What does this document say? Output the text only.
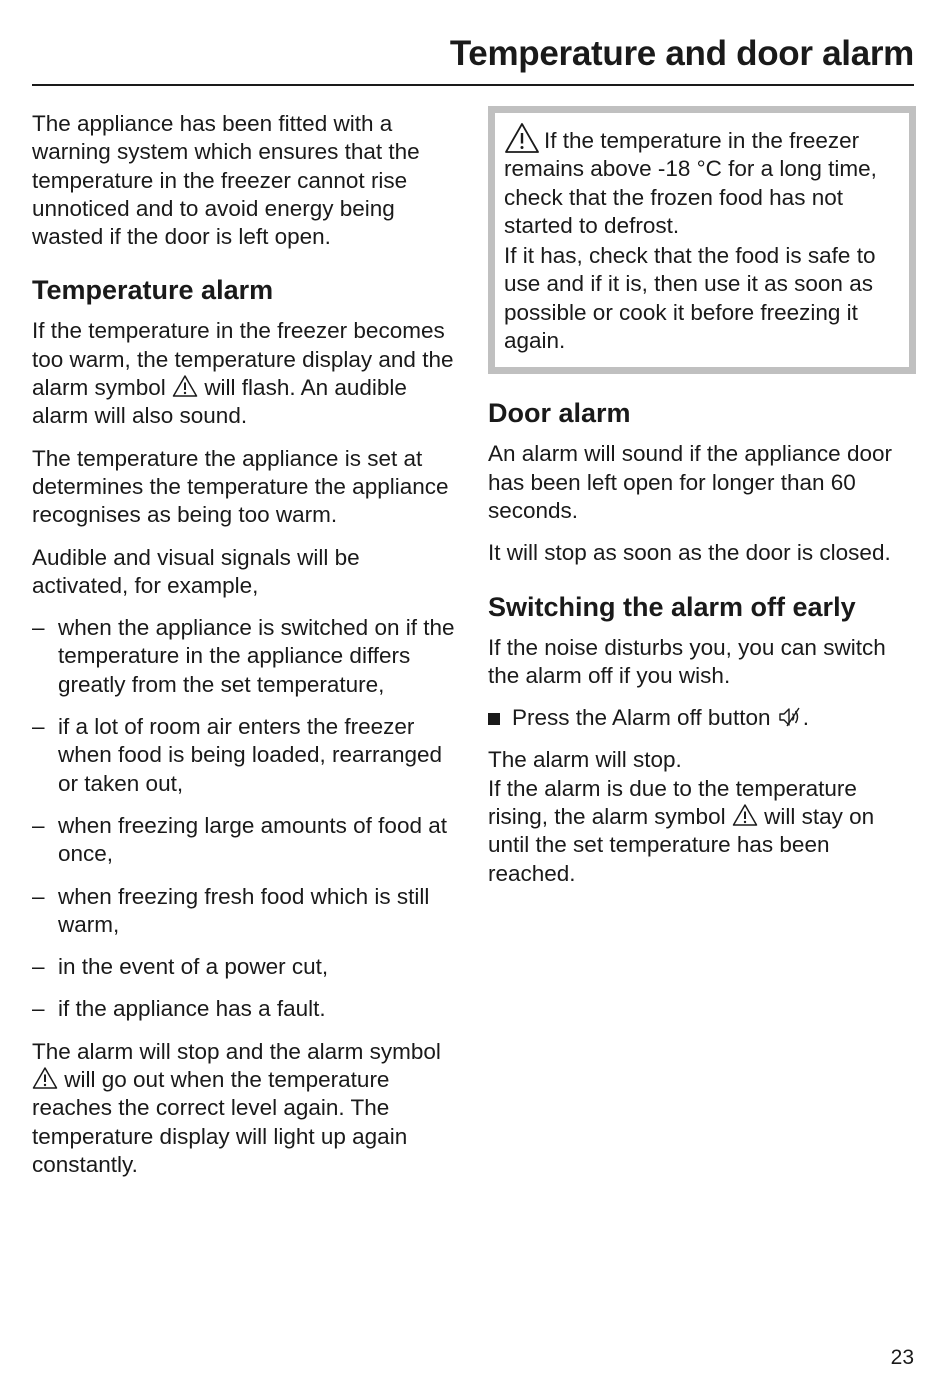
Temperature and door alarm

The appliance has been fitted with a warning system which ensures that the temperature in the freezer cannot rise unnoticed and to avoid energy being wasted if the door is left open.

Temperature alarm

If the temperature in the freezer becomes too warm, the temperature display and the alarm symbol will flash. An audible alarm will also sound.

The temperature the appliance is set at determines the temperature the appliance recognises as being too warm.

Audible and visual signals will be activated, for example,

– when the appliance is switched on if the temperature in the appliance differs greatly from the set temperature,
– if a lot of room air enters the freezer when food is being loaded, rearranged or taken out,
– when freezing large amounts of food at once,
– when freezing fresh food which is still warm,
– in the event of a power cut,
– if the appliance has a fault.

The alarm will stop and the alarm symbol  will go out when the temperature reaches the correct level again. The temperature display will light up again constantly.

If the temperature in the freezer remains above -18 °C for a long time, check that the frozen food has not started to defrost.

If it has, check that the food is safe to use and if it is, then use it as soon as possible or cook it before freezing it again.

Door alarm

An alarm will sound if the appliance door has been left open for longer than 60 seconds.

It will stop as soon as the door is closed.

Switching the alarm off early

If the noise disturbs you, you can switch the alarm off if you wish.

Press the Alarm off button .

The alarm will stop.
If the alarm is due to the temperature rising, the alarm symbol will stay on until the set temperature has been reached.

23
